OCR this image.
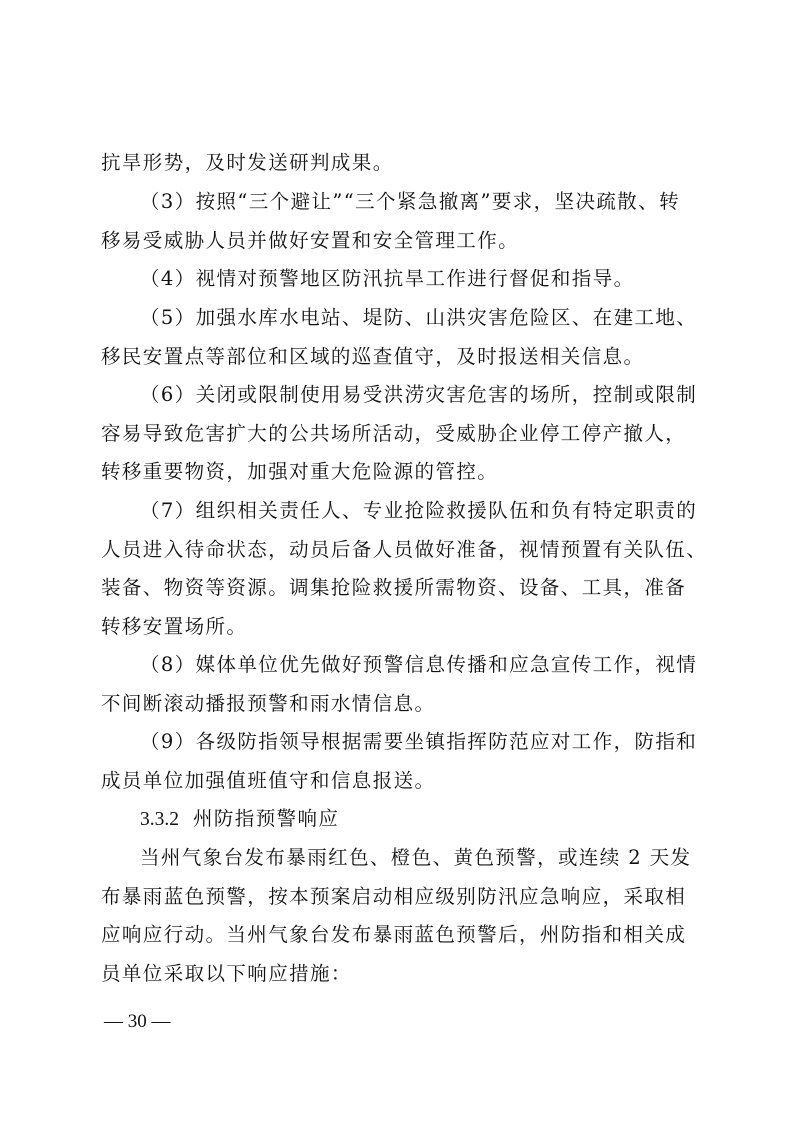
抗旱形势，及时发送研判成果。

（3）按照“三个避让”“三个紧急撤离”要求，坚决疏散、转
移易受威胁人员并做好安置和安全管理工作。

（4）视情对预警地区防汛抗旱工作进行督促和指导。

（5）加强水库水电站、堤防、山洪灾害危险区、在建工地、
移民安置点等部位和区域的巡查值守，及时报送相关信息。

（6）关闭或限制使用易受洪涝灾害危害的场所，控制或限制
容易导致危害扩大的公共场所活动，受威胁企业停工停产撤人，
转移重要物资，加强对重大危险源的管控。

（7）组织相关责任人、专业抢险救援队伍和负有特定职责的
人员进入待命状态，动员后备人员做好准备，视情预置有关队伍、
装备、物资等资源。调集抢险救援所需物资、设备、工具，准备
转移安置场所。

（8）媒体单位优先做好预警信息传播和应急宣传工作，视情
不间断滚动播报预警和雨水情信息。

（9）各级防指领导根据需要坐镇指挥防范应对工作，防指和
成员单位加强值班值守和信息报送。

3.3.2 州防指预警响应

当州气象台发布暴雨红色、橙色、黄色预警，或连续 2 天发
布暴雨蓝色预警，按本预案启动相应级别防汛应急响应，采取相
应响应行动。当州气象台发布暴雨蓝色预警后，州防指和相关成
员单位采取以下响应措施：

— 30 —
